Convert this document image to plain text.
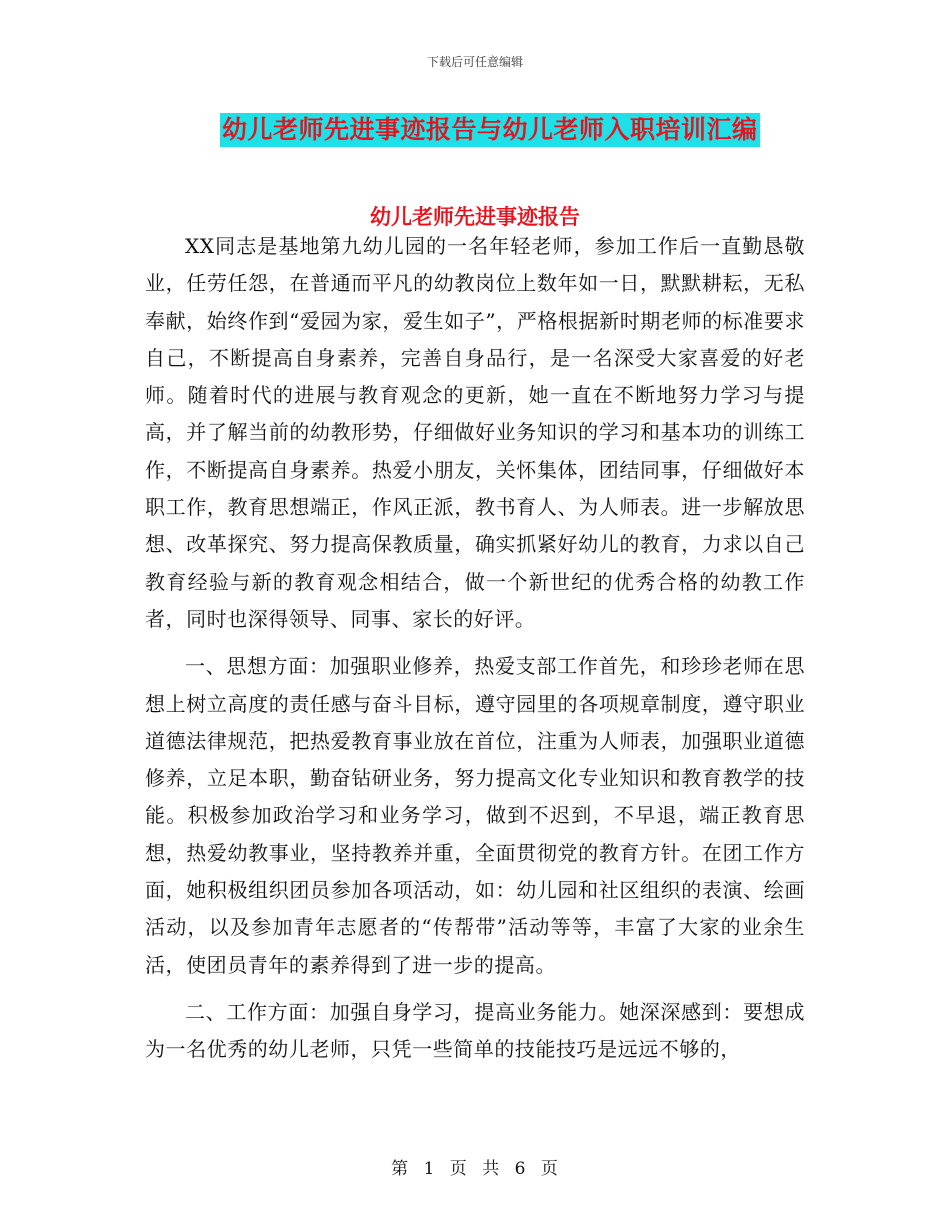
下载后可任意编辑
幼儿老师先进事迹报告与幼儿老师入职培训汇编
幼儿老师先进事迹报告

XX同志是基地第九幼儿园的一名年轻老师，参加工作后一直勤恳敬业，任劳任怨，在普通而平凡的幼教岗位上数年如一日，默默耕耘，无私奉献，始终作到“爱园为家，爱生如子”，严格根据新时期老师的标准要求自己，不断提高自身素养，完善自身品行，是一名深受大家喜爱的好老师。随着时代的进展与教育观念的更新，她一直在不断地努力学习与提高，并了解当前的幼教形势，仔细做好业务知识的学习和基本功的训练工作，不断提高自身素养。热爱小朋友，关怀集体，团结同事，仔细做好本职工作，教育思想端正，作风正派，教书育人、为人师表。进一步解放思想、改革探究、努力提高保教质量，确实抓紧好幼儿的教育，力求以自己教育经验与新的教育观念相结合，做一个新世纪的优秀合格的幼教工作者，同时也深得领导、同事、家长的好评。

一、思想方面：加强职业修养，热爱支部工作首先，和珍珍老师在思想上树立高度的责任感与奋斗目标，遵守园里的各项规章制度，遵守职业道德法律规范，把热爱教育事业放在首位，注重为人师表，加强职业道德修养，立足本职，勤奋钻研业务，努力提高文化专业知识和教育教学的技能。积极参加政治学习和业务学习，做到不迟到，不早退，端正教育思想，热爱幼教事业，坚持教养并重，全面贯彻党的教育方针。在团工作方面，她积极组织团员参加各项活动，如：幼儿园和社区组织的表演、绘画活动，以及参加青年志愿者的“传帮带”活动等等，丰富了大家的业余生活，使团员青年的素养得到了进一步的提高。

二、工作方面：加强自身学习，提高业务能力。她深深感到：要想成为一名优秀的幼儿老师，只凭一些简单的技能技巧是远远不够的，

第 1 页 共 6 页
